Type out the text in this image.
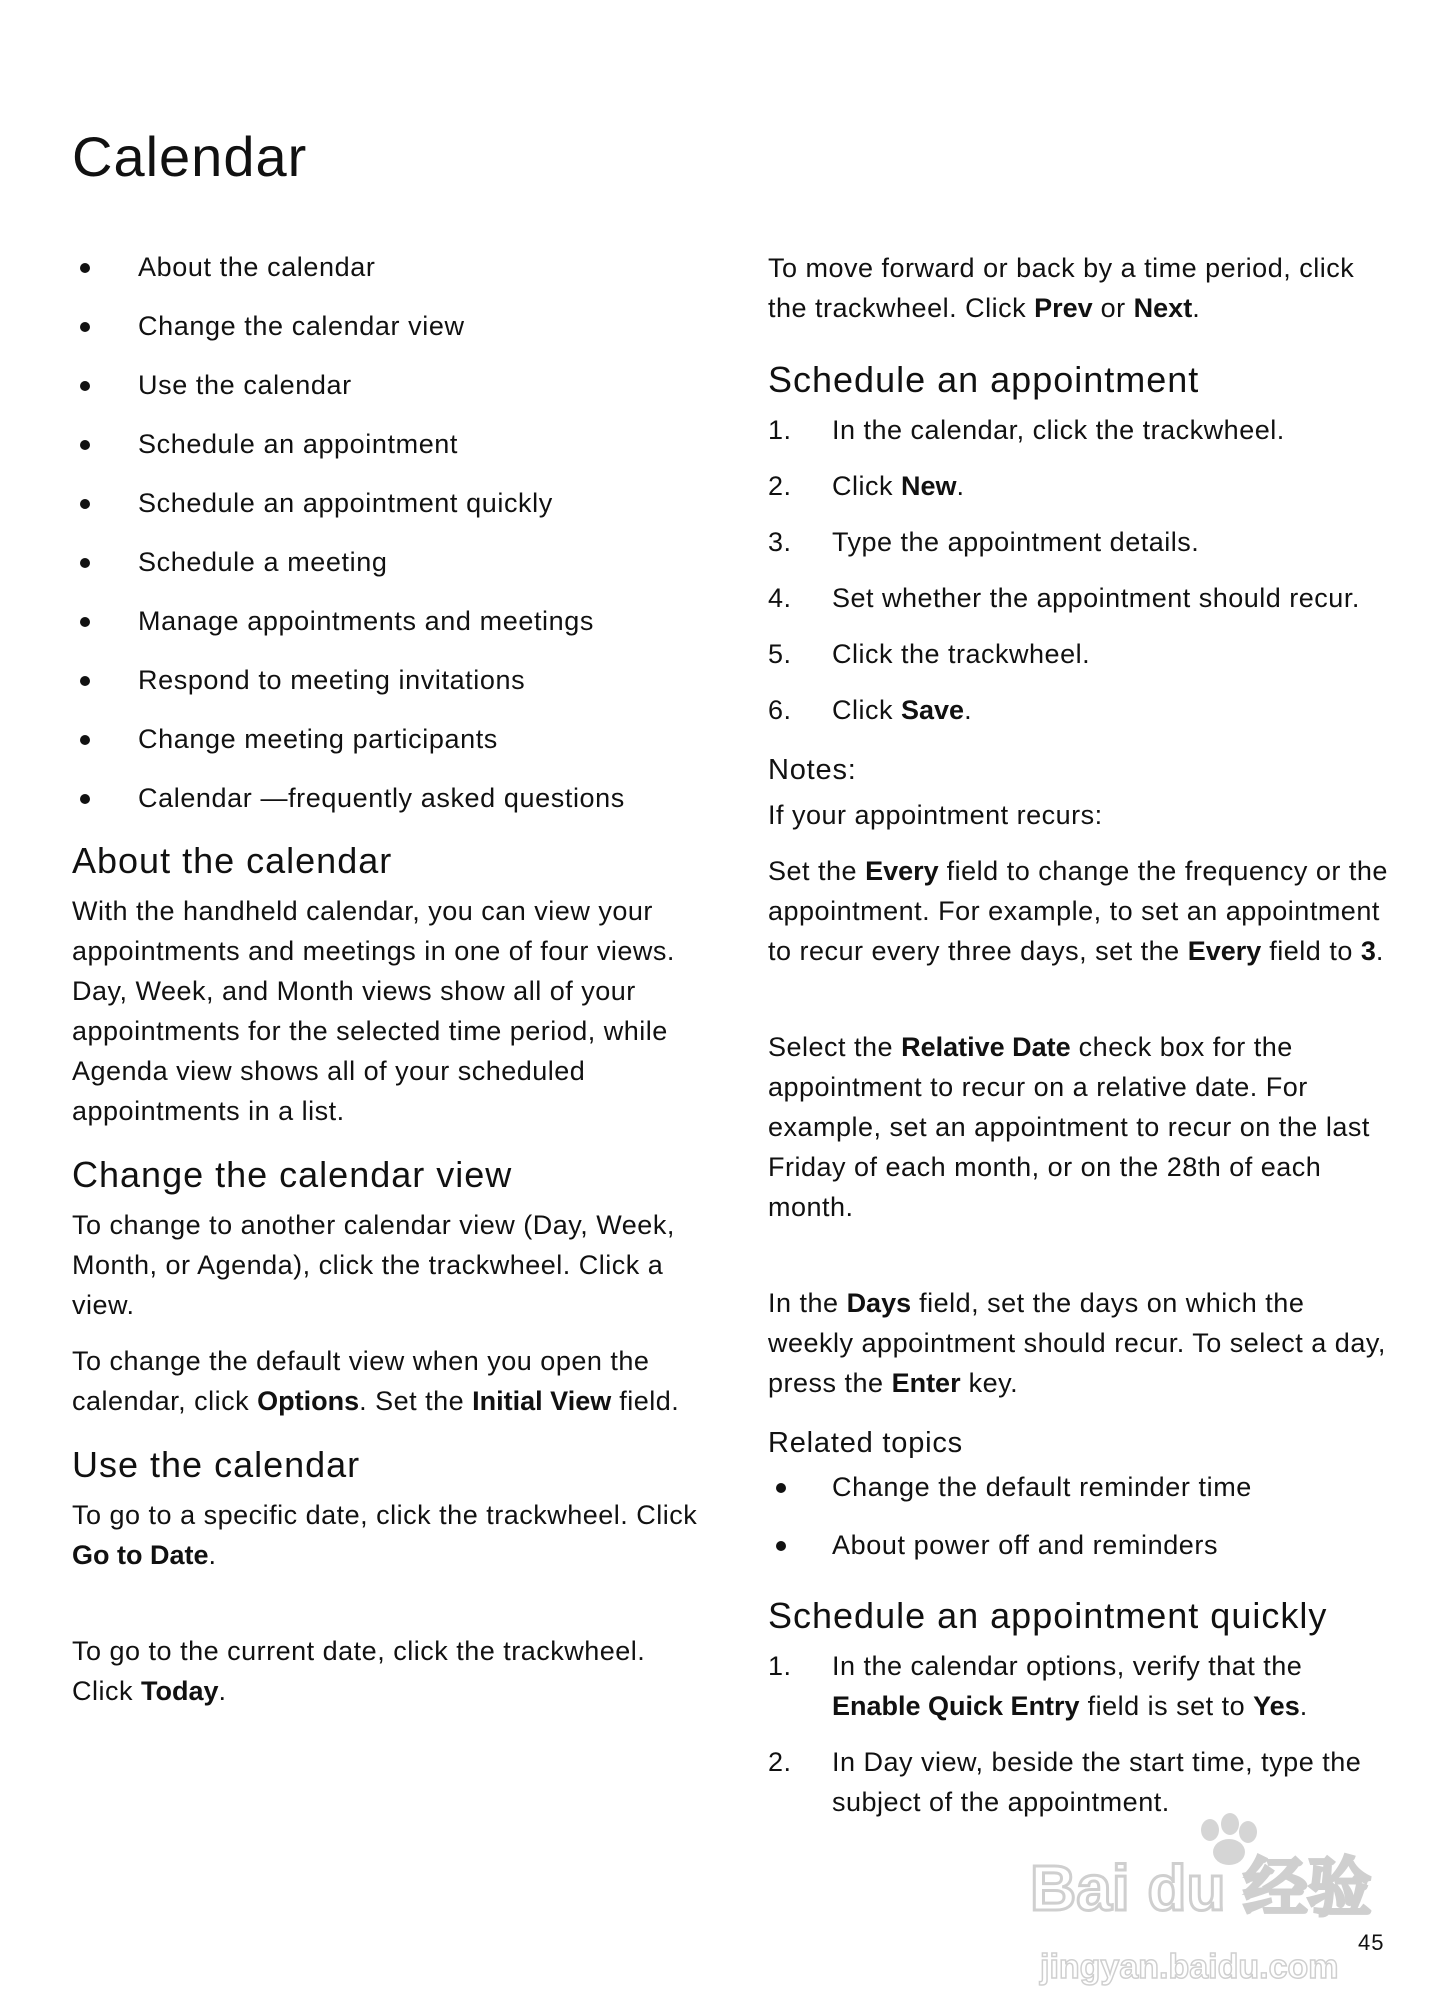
Calendar
About the calendar
Change the calendar view
Use the calendar
Schedule an appointment
Schedule an appointment quickly
Schedule a meeting
Manage appointments and meetings
Respond to meeting invitations
Change meeting participants
Calendar —frequently asked questions
About the calendar

With the handheld calendar, you can view your appointments and meetings in one of four views. Day, Week, and Month views show all of your appointments for the selected time period, while Agenda view shows all of your scheduled appointments in a list.

Change the calendar view

To change to another calendar view (Day, Week, Month, or Agenda), click the trackwheel. Click a view.

To change the default view when you open the calendar, click Options. Set the Initial View field.

Use the calendar

To go to a specific date, click the trackwheel. Click Go to Date.

To go to the current date, click the trackwheel. Click Today.

To move forward or back by a time period, click the trackwheel. Click Prev or Next.

Schedule an appointment
1. In the calendar, click the trackwheel.
2. Click New.
3. Type the appointment details.
4. Set whether the appointment should recur.
5. Click the trackwheel.
6. Click Save.
Notes:

If your appointment recurs:

Set the Every field to change the frequency or the appointment. For example, to set an appointment to recur every three days, set the Every field to 3.

Select the Relative Date check box for the appointment to recur on a relative date. For example, set an appointment to recur on the last Friday of each month, or on the 28th of each month.

In the Days field, set the days on which the weekly appointment should recur. To select a day, press the Enter key.

Related topics
Change the default reminder time
About power off and reminders
Schedule an appointment quickly
1. In the calendar options, verify that the Enable Quick Entry field is set to Yes.
2. In Day view, beside the start time, type the subject of the appointment.
Bai du 经验
jingyan.baidu.com
45
